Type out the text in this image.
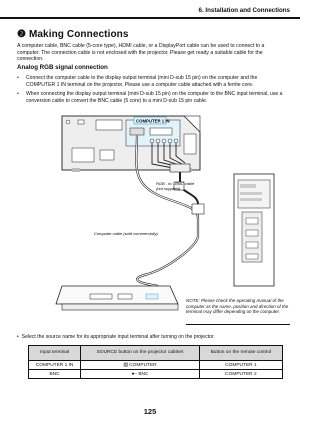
6. Installation and Connections
❷ Making Connections
A computer cable, BNC cable (5-core type), HDMI cable, or a DisplayPort cable can be used to connect to a computer. The connection cable is not enclosed with the projector. Please get ready a suitable cable for the connection.
Analog RGB signal connection
• Connect the computer cable to the display output terminal (mini D-sub 15 pin) on the computer and the COMPUTER 1 IN terminal on the projector. Please use a computer cable attached with a ferrite core.
• When connecting the display output terminal (mini D-sub 15 pin) on the computer to the BNC input terminal, use a conversion cable to convert the BNC cable (5 core) to a mini D-sub 15 pin cable.
COMPUTER 1 IN
RGB - to - BNC cable
(not supplied)
Computer cable (sold commercially)
NOTE: Please check the operating manual of the computer as the name, position and direction of the terminal may differ depending on the computer.
•  Select the source name for its appropriate input terminal after turning on the projector.
Input terminal	SOURCE button on the projector cabinet	Button on the remote control
COMPUTER 1 IN	▨ COMPUTER	COMPUTER 1
BNC	●– BNC	COMPUTER 2
125
